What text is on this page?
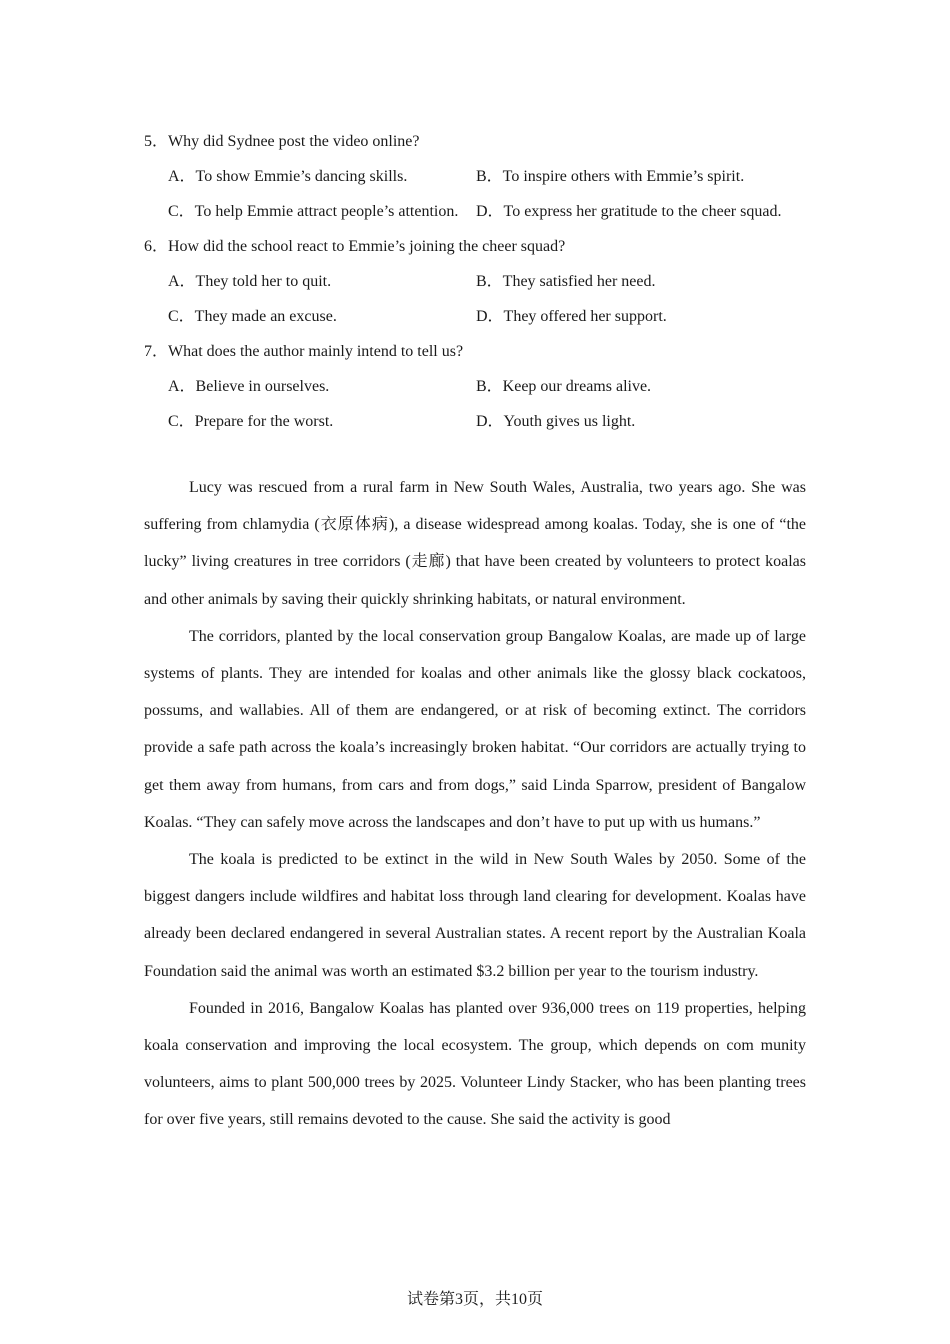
5．Why did Sydnee post the video online?
A．To show Emmie’s dancing skills.	B．To inspire others with Emmie’s spirit.
C．To help Emmie attract people’s attention.	D．To express her gratitude to the cheer squad.
6．How did the school react to Emmie’s joining the cheer squad?
A．They told her to quit.	B．They satisfied her need.
C．They made an excuse.	D．They offered her support.
7．What does the author mainly intend to tell us?
A．Believe in ourselves.	B．Keep our dreams alive.
C．Prepare for the worst.	D．Youth gives us light.

Lucy was rescued from a rural farm in New South Wales, Australia, two years ago. She was suffering from chlamydia (衣原体病), a disease widespread among koalas. Today, she is one of “the lucky” living creatures in tree corridors (走廊) that have been created by volunteers to protect koalas and other animals by saving their quickly shrinking habitats, or natural environment.

The corridors, planted by the local conservation group Bangalow Koalas, are made up of large systems of plants. They are intended for koalas and other animals like the glossy black cockatoos, possums, and wallabies. All of them are endangered, or at risk of becoming extinct. The corridors provide a safe path across the koala’s increasingly broken habitat. “Our corridors are actually trying to get them away from humans, from cars and from dogs,” said Linda Sparrow, president of Bangalow Koalas. “They can safely move across the landscapes and don’t have to put up with us humans.”

The koala is predicted to be extinct in the wild in New South Wales by 2050. Some of the biggest dangers include wildfires and habitat loss through land clearing for development. Koalas have already been declared endangered in several Australian states. A recent report by the Australian Koala Foundation said the animal was worth an estimated $3.2 billion per year to the tourism industry.

Founded in 2016, Bangalow Koalas has planted over 936,000 trees on 119 properties, helping koala conservation and improving the local ecosystem. The group, which depends on com munity volunteers, aims to plant 500,000 trees by 2025. Volunteer Lindy Stacker, who has been planting trees for over five years, still remains devoted to the cause. She said the activity is good

试卷第3页，共10页
